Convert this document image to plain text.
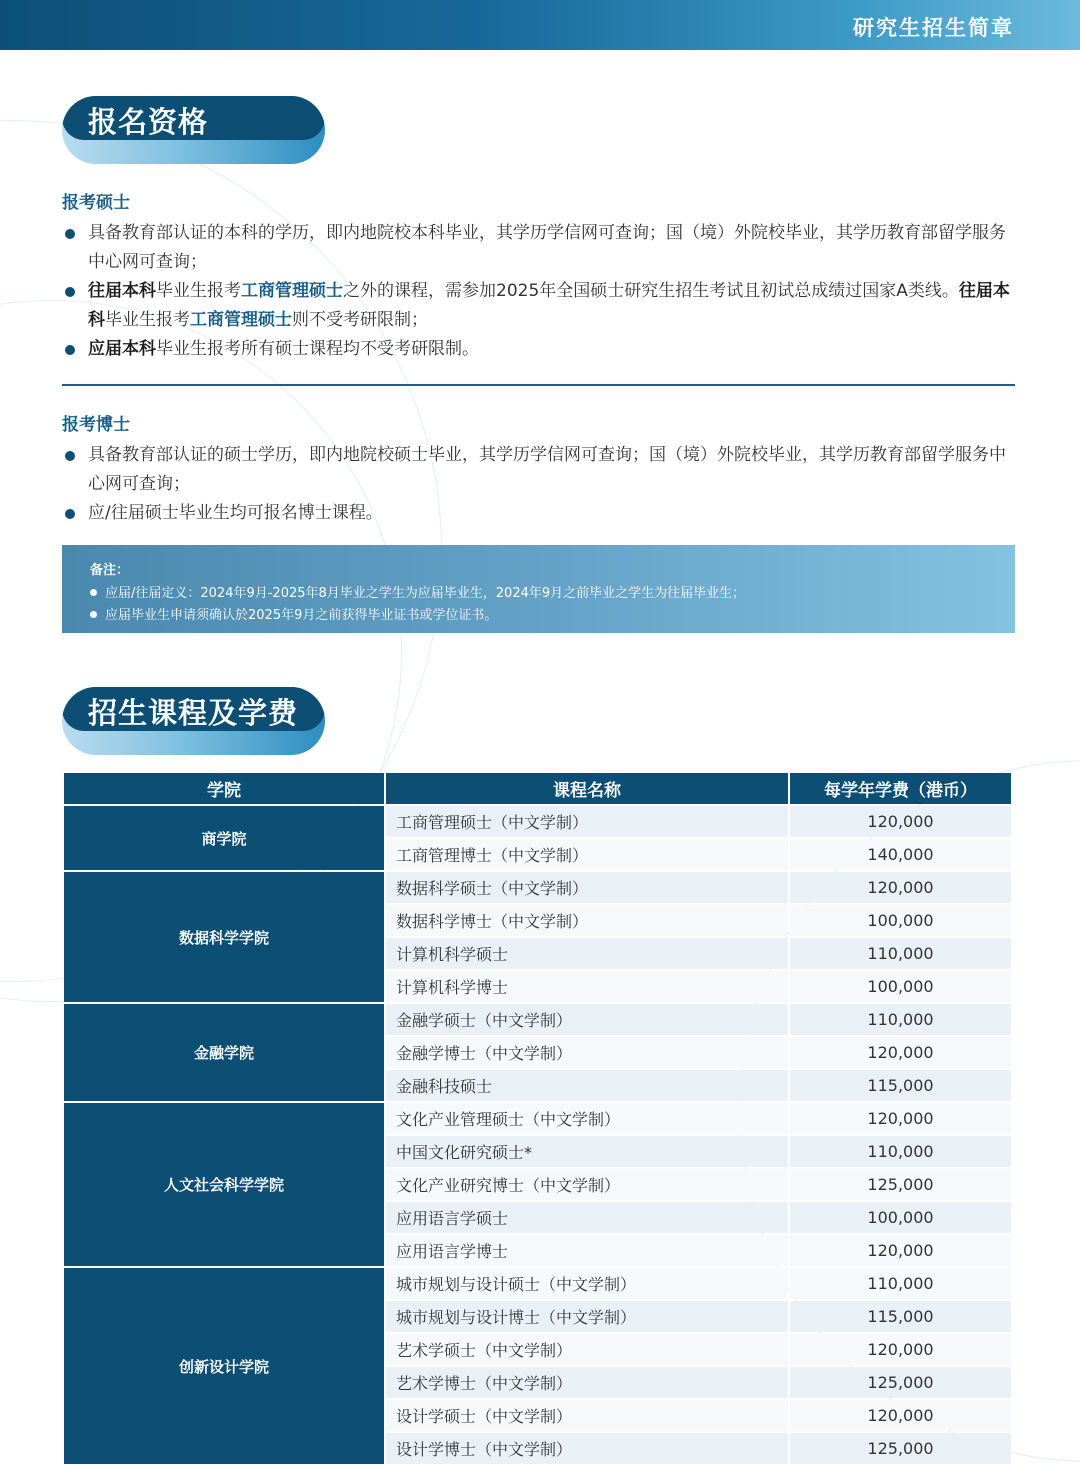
研究生招生简章
报名资格
报考硕士
具备教育部认证的本科的学历，即内地院校本科毕业，其学历学信网可查询；国（境）外院校毕业，其学历教育部留学服务中心网可查询；
往届本科毕业生报考工商管理硕士之外的课程，需参加2025年全国硕士研究生招生考试且初试总成绩过国家A类线。往届本科毕业生报考工商管理硕士则不受考研限制；
应届本科毕业生报考所有硕士课程均不受考研限制。
报考博士
具备教育部认证的硕士学历，即内地院校硕士毕业，其学历学信网可查询；国（境）外院校毕业，其学历教育部留学服务中心网可查询；
应/往届硕士毕业生均可报名博士课程。
备注：
应届/往届定义：2024年9月-2025年8月毕业之学生为应届毕业生，2024年9月之前毕业之学生为往届毕业生；
应届毕业生申请须确认於2025年9月之前获得毕业证书或学位证书。
招生课程及学费
学院	课程名称	每学年学费（港币）
商学院	工商管理硕士（中文学制）	120,000
	工商管理博士（中文学制）	140,000
数据科学学院	数据科学硕士（中文学制）	120,000
	数据科学博士（中文学制）	100,000
	计算机科学硕士	110,000
	计算机科学博士	100,000
金融学院	金融学硕士（中文学制）	110,000
	金融学博士（中文学制）	120,000
	金融科技硕士	115,000
人文社会科学学院	文化产业管理硕士（中文学制）	120,000
	中国文化研究硕士*	110,000
	文化产业研究博士（中文学制）	125,000
	应用语言学硕士	100,000
	应用语言学博士	120,000
创新设计学院	城市规划与设计硕士（中文学制）	110,000
	城市规划与设计博士（中文学制）	115,000
	艺术学硕士（中文学制）	120,000
	艺术学博士（中文学制）	125,000
	设计学硕士（中文学制）	120,000
	设计学博士（中文学制）	125,000
